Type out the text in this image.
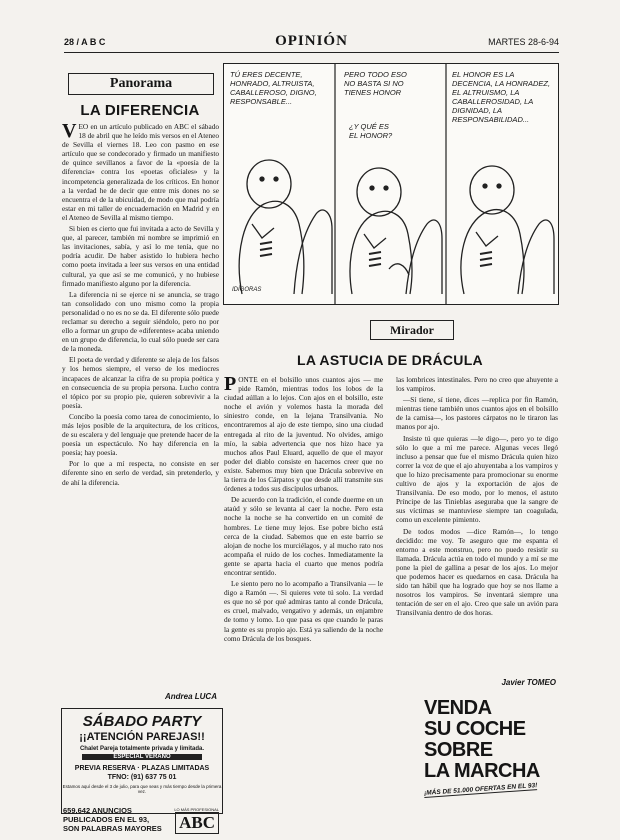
28 / A B C	OPINIÓN	MARTES 28-6-94
Panorama
LA DIFERENCIA
V EO en un artículo publicado en ABC el sábado 18 de abril que he leído mis versos en el Ateneo de Sevilla el viernes 18. Leo con pasmo en ese artículo que se condecorado y firmado un manifiesto de quince sevillanos a favor de la «poesía de la diferencia» contra los «poetas oficiales» y la incompetencia generalizada de los críticos. En honor a la verdad he de decir que entre mis dones no se encuentra el de la ubicuidad, de modo que mal podría estar en mi taller de encuadernación en Madrid y en el Ateneo de Sevilla al mismo tiempo.

Si bien es cierto que fui invitada a acto de Sevilla y que, al parecer, también mi nombre se imprimió en las invitaciones, sabía, y así lo me tenía, que no podría acudir. De haber asistido lo hubiera hecho como poeta invitada a leer sus versos en una entidad cultural, ya que así se me comunicó, y no hubiese firmado manifiesto alguno por la diferencia.

La diferencia ni se ejerce ni se anuncia, se trago tan consolidado con uno mismo como la propia personalidad o no es no se da. El diferente sólo puede reclamar su derecho a seguir siéndolo, pero no por ello a formar un grupo de «diferentes» acaba uniendo en un grupo de diferencia, lo cual sólo puede ser cara de la moneda.

El poeta de verdad y diferente se aleja de los falsos y los hemos siempre, el verso de los mediocres incapaces de alcanzar la cifra de su propia poética y en consecuencia de su propia persona. Lucho contra el tópico por su propio pie, quieren sobrevivir a la poesía.

Concibo la poesía como tarea de conocimiento, lo más lejos posible de la arquitectura, de los críticos, de su escalera y del lenguaje que pretende hacer de la poesía un espectáculo. No hay diferencia en la poesía; hay poesía.

Por lo que a mí respecta, no consiste en ser diferente sino en serlo de verdad, sin pretenderlo, y de ahí la diferencia.

Andrea LUCA
TÚ ERES DECENTE, HONRADO, ALTRUISTA, CABALLEROSO, DIGNO, RESPONSABLE...
PERO TODO ESO NO BASTA SI NO TIENES HONOR
¿Y QUÉ ES EL HONOR?
EL HONOR ES LA DECENCIA, LA HONRADEZ, EL ALTRUISMO, LA CABALLEROSIDAD, LA DIGNIDAD, LA RESPONSABILIDAD...
IDÍGORAS
Mirador
LA ASTUCIA DE DRÁCULA
P ONTE en el bolsillo unos cuantos ajos — me pide Ramón, mientras todos los lobos de la ciudad aúllan a lo lejos. Con ajos en el bolsillo, este noche el avión y volemos hasta la morada del siniestro conde, en la lejana Transilvania. No encontraremos al ajo de este tiempo, sino una ciudad entregada al rito de la juventud. No olvides, amigo mío, la sabia advertencia que nos hizo hace ya muchos años Paul Eluard, aquello de que el mayor poder del diablo consiste en hacernos creer que no existe. Sabemos muy bien que Drácula sobrevive en la tierra de los Cárpatos y que desde allí transmite sus órdenes a todos sus discípulos urbanos.

De acuerdo con la tradición, el conde duerme en un ataúd y sólo se levanta al caer la noche. Pero esta noche la noche se ha convertido en un comité de hombres. Le tiene muy lejos. Ese pobre bicho está cerca de la ciudad. Sabemos que en este barrio se alojan de noche los murciélagos, y al mucho rato nos acompaña el ruido de los coches. Inmediatamente la gente se aparta hacia el cuarto que menos podría encontrar sentido.

Le siento pero no lo acompaño a Transilvania — le digo a Ramón —. Si quieres vete tú solo. La verdad es que no sé por qué admiras tanto al conde Drácula, es cruel, malvado, vengativo y además, un enjambre de tomo y lomo. Lo que pasa es que cuando le paras la gente es su propio ajo. Está ya saliendo de la noche como Drácula de los bosques.

las lombrices intestinales. Pero no creo que ahuyente a los vampiros.

—Sí tiene, sí tiene, dices —replica por fin Ramón, mientras tiene también unos cuantos ajos en el bolsillo de la camisa—, los pastores cárpatos no le tiraron las manos por ajo.

Insiste tú que quieras —le digo—, pero yo te digo sólo lo que a mí me parece. Algunas veces llegó incluso a pensar que fue el mismo Drácula quien hizo correr la voz de que el ajo ahuyentaba a los vampiros y que lo hizo precisamente para promocionar su enorme cultivo de ajos y la exportación de ajos de Transilvania. De eso modo, por lo menos, el astuto Príncipe de las Tinieblas aseguraba que la sangre de sus víctimas se mantuviese siempre tan coagulada, como un excelente pimiento.

De todos modos —dice Ramón—, lo tengo decidido: me voy. Te aseguro que me espanta el entorno a este monstruo, pero no puedo resistir su llamada. Drácula actúa en todo el mundo y a mí se me pone la piel de gallina a pesar de los ajos. Lo mejor que podemos hacer es quedarnos en casa. Drácula ha sido tan hábil que ha logrado que hoy se nos llame a nosotros los vampiros. Se inventará siempre una tentación de ser en el ajo. Creo que sale un avión para Transilvania dentro de dos horas.

Javier TOMEO
SÁBADO PARTY
¡¡ATENCIÓN PAREJAS!!
Chalet Pareja totalmente privada y limitada.
ESPECIAL VERANO
PREVIA RESERVA · PLAZAS LIMITADAS
TFNO: (91) 637 75 01
Estamos aquí desde el 3 de julio, para que seas y más tiempo desde la primera vez.
659.642 ANUNCIOS
PUBLICADOS EN EL 93,
SON PALABRAS MAYORES
LO MÁS PROFESIONAL
ABC
VENDA
SU COCHE
SOBRE
LA MARCHA
¡MÁS DE 51.000 OFERTAS EN EL 93!
